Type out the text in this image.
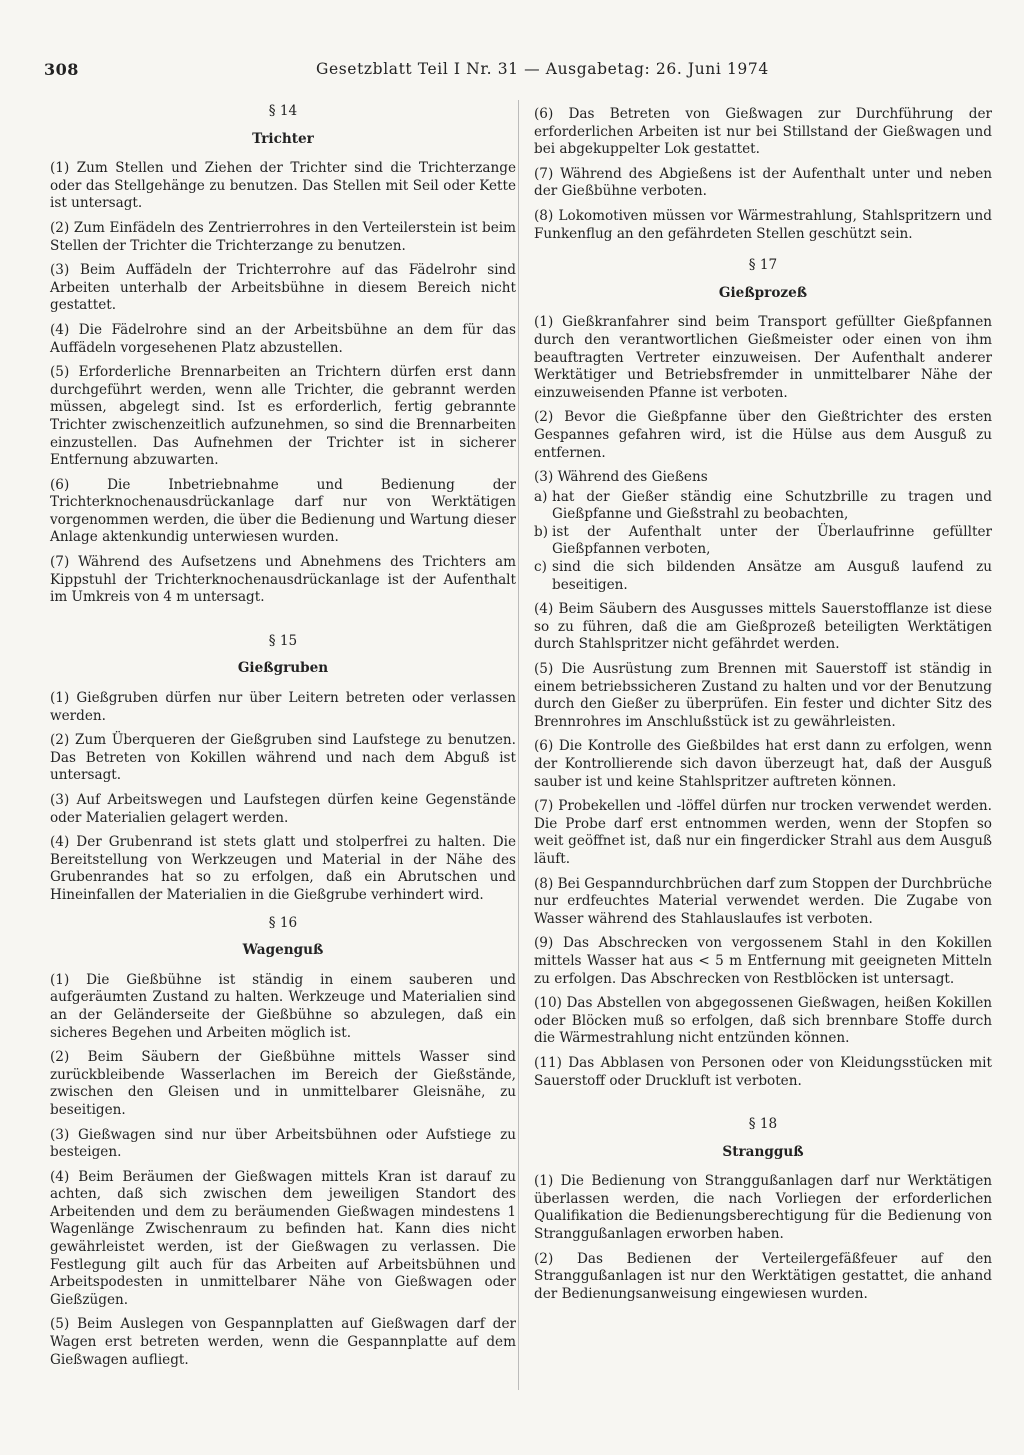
308	Gesetzblatt Teil I Nr. 31 — Ausgabetag: 26. Juni 1974

§ 14

Trichter

(1) Zum Stellen und Ziehen der Trichter sind die Trichterzange oder das Stellgehänge zu benutzen. Das Stellen mit Seil oder Kette ist untersagt.

(2) Zum Einfädeln des Zentrierrohres in den Verteilerstein ist beim Stellen der Trichter die Trichterzange zu benutzen.

(3) Beim Auffädeln der Trichterrohre auf das Fädelrohr sind Arbeiten unterhalb der Arbeitsbühne in diesem Bereich nicht gestattet.

(4) Die Fädelrohre sind an der Arbeitsbühne an dem für das Auffädeln vorgesehenen Platz abzustellen.

(5) Erforderliche Brennarbeiten an Trichtern dürfen erst dann durchgeführt werden, wenn alle Trichter, die gebrannt werden müssen, abgelegt sind. Ist es erforderlich, fertig gebrannte Trichter zwischenzeitlich aufzunehmen, so sind die Brennarbeiten einzustellen. Das Aufnehmen der Trichter ist in sicherer Entfernung abzuwarten.

(6) Die Inbetriebnahme und Bedienung der Trichterknochenausdrückanlage darf nur von Werktätigen vorgenommen werden, die über die Bedienung und Wartung dieser Anlage aktenkundig unterwiesen wurden.

(7) Während des Aufsetzens und Abnehmens des Trichters am Kippstuhl der Trichterknochenausdrückanlage ist der Aufenthalt im Umkreis von 4 m untersagt.

§ 15

Gießgruben

(1) Gießgruben dürfen nur über Leitern betreten oder verlassen werden.

(2) Zum Überqueren der Gießgruben sind Laufstege zu benutzen. Das Betreten von Kokillen während und nach dem Abguß ist untersagt.

(3) Auf Arbeitswegen und Laufstegen dürfen keine Gegenstände oder Materialien gelagert werden.

(4) Der Grubenrand ist stets glatt und stolperfrei zu halten. Die Bereitstellung von Werkzeugen und Material in der Nähe des Grubenrandes hat so zu erfolgen, daß ein Abrutschen und Hineinfallen der Materialien in die Gießgrube verhindert wird.

§ 16

Wagenguß

(1) Die Gießbühne ist ständig in einem sauberen und aufgeräumten Zustand zu halten. Werkzeuge und Materialien sind an der Geländerseite der Gießbühne so abzulegen, daß ein sicheres Begehen und Arbeiten möglich ist.

(2) Beim Säubern der Gießbühne mittels Wasser sind zurückbleibende Wasserlachen im Bereich der Gießstände, zwischen den Gleisen und in unmittelbarer Gleisnähe, zu beseitigen.

(3) Gießwagen sind nur über Arbeitsbühnen oder Aufstiege zu besteigen.

(4) Beim Beräumen der Gießwagen mittels Kran ist darauf zu achten, daß sich zwischen dem jeweiligen Standort des Arbeitenden und dem zu beräumenden Gießwagen mindestens 1 Wagenlänge Zwischenraum zu befinden hat. Kann dies nicht gewährleistet werden, ist der Gießwagen zu verlassen. Die Festlegung gilt auch für das Arbeiten auf Arbeitsbühnen und Arbeitspodesten in unmittelbarer Nähe von Gießwagen oder Gießzügen.

(5) Beim Auslegen von Gespannplatten auf Gießwagen darf der Wagen erst betreten werden, wenn die Gespannplatte auf dem Gießwagen aufliegt.

(6) Das Betreten von Gießwagen zur Durchführung der erforderlichen Arbeiten ist nur bei Stillstand der Gießwagen und bei abgekuppelter Lok gestattet.

(7) Während des Abgießens ist der Aufenthalt unter und neben der Gießbühne verboten.

(8) Lokomotiven müssen vor Wärmestrahlung, Stahlspritzern und Funkenflug an den gefährdeten Stellen geschützt sein.

§ 17

Gießprozeß

(1) Gießkranfahrer sind beim Transport gefüllter Gießpfannen durch den verantwortlichen Gießmeister oder einen von ihm beauftragten Vertreter einzuweisen. Der Aufenthalt anderer Werktätiger und Betriebsfremder in unmittelbarer Nähe der einzuweisenden Pfanne ist verboten.

(2) Bevor die Gießpfanne über den Gießtrichter des ersten Gespannes gefahren wird, ist die Hülse aus dem Ausguß zu entfernen.

(3) Während des Gießens

a) hat der Gießer ständig eine Schutzbrille zu tragen und Gießpfanne und Gießstrahl zu beobachten,
b) ist der Aufenthalt unter der Überlaufrinne gefüllter Gießpfannen verboten,
c) sind die sich bildenden Ansätze am Ausguß laufend zu beseitigen.

(4) Beim Säubern des Ausgusses mittels Sauerstofflanze ist diese so zu führen, daß die am Gießprozeß beteiligten Werktätigen durch Stahlspritzer nicht gefährdet werden.

(5) Die Ausrüstung zum Brennen mit Sauerstoff ist ständig in einem betriebssicheren Zustand zu halten und vor der Benutzung durch den Gießer zu überprüfen. Ein fester und dichter Sitz des Brennrohres im Anschlußstück ist zu gewährleisten.

(6) Die Kontrolle des Gießbildes hat erst dann zu erfolgen, wenn der Kontrollierende sich davon überzeugt hat, daß der Ausguß sauber ist und keine Stahlspritzer auftreten können.

(7) Probekellen und -löffel dürfen nur trocken verwendet werden. Die Probe darf erst entnommen werden, wenn der Stopfen so weit geöffnet ist, daß nur ein fingerdicker Strahl aus dem Ausguß läuft.

(8) Bei Gespanndurchbrüchen darf zum Stoppen der Durchbrüche nur erdfeuchtes Material verwendet werden. Die Zugabe von Wasser während des Stahlauslaufes ist verboten.

(9) Das Abschrecken von vergossenem Stahl in den Kokillen mittels Wasser hat aus < 5 m Entfernung mit geeigneten Mitteln zu erfolgen. Das Abschrecken von Restblöcken ist untersagt.

(10) Das Abstellen von abgegossenen Gießwagen, heißen Kokillen oder Blöcken muß so erfolgen, daß sich brennbare Stoffe durch die Wärmestrahlung nicht entzünden können.

(11) Das Abblasen von Personen oder von Kleidungsstücken mit Sauerstoff oder Druckluft ist verboten.

§ 18

Strangguß

(1) Die Bedienung von Stranggußanlagen darf nur Werktätigen überlassen werden, die nach Vorliegen der erforderlichen Qualifikation die Bedienungsberechtigung für die Bedienung von Stranggußanlagen erworben haben.

(2) Das Bedienen der Verteilergefäßfeuer auf den Stranggußanlagen ist nur den Werktätigen gestattet, die anhand der Bedienungsanweisung eingewiesen wurden.
